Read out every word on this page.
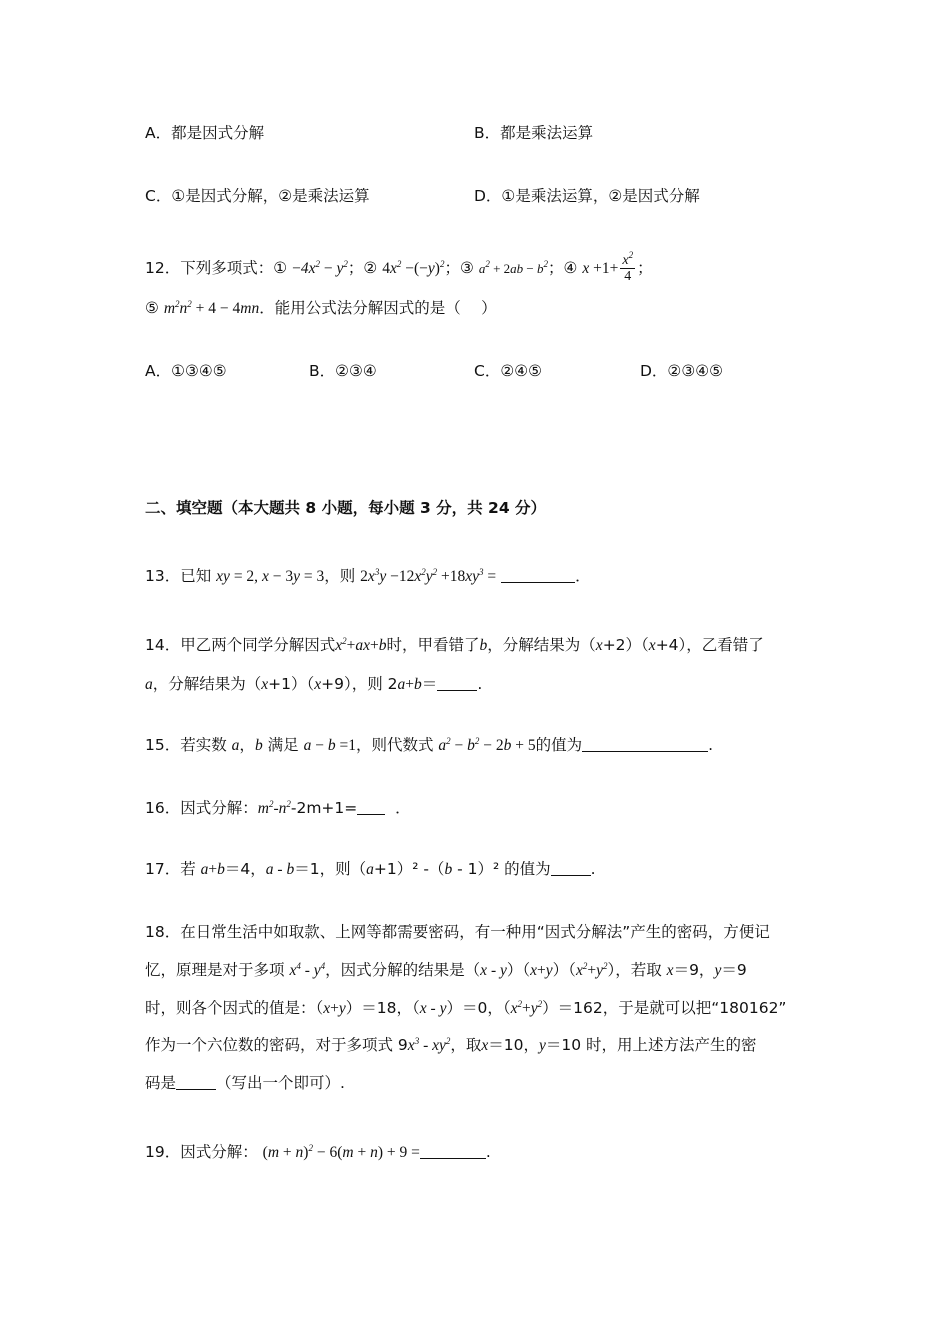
A．都是因式分解	B．都是乘法运算
C．①是因式分解，②是乘法运算	D．①是乘法运算，②是因式分解
12．下列多项式：① $-4x^2 - y^2$；② $4x^2 -(-y)^2$；③ $a^2 + 2ab - b^2$；④ $x +1+ \frac{x^2}{4}$ ；
⑤ $m^2n^2 + 4 - 4mn$．能用公式法分解因式的是（　 ）
A．①③④⑤	B．②③④	C．②④⑤	D．②③④⑤
二、填空题（本大题共 8 小题，每小题 3 分，共 24 分）
13．已知 xy = 2, x − 3y = 3，则 $2x^3y -12x^2y^2 +18xy^3$ =	．
14．甲乙两个同学分解因式$x^2+ax+b$时，甲看错了b，分解结果为（x+2）（x+4），乙看错了
a，分解结果为（x+1）（x+9），则 2a+b＝	.
15．若实数 a，b 满足 a − b =1，则代数式 $a^2 - b^2 - 2b + 5$的值为	.
16．因式分解：$m^2-n^2-2m+1=$ ．
17．若 a+b＝4，a - b＝1，则（a+1）² -（b - 1）² 的值为	.
18．在日常生活中如取款、上网等都需要密码，有一种用“因式分解法”产生的密码，方便记
忆，原理是对于多项 $x^4 - y^4$，因式分解的结果是$(x - y)(x+y)(x^2+y^2)$，若取 x＝9，y＝9
时，则各个因式的值是：（x+y）＝18，（x - y）＝0，$(x^2+y^2)=162$，于是就可以把“180162”
作为一个六位数的密码，对于多项式 $9x^3 - xy^2$，取x＝10，y＝10 时，用上述方法产生的密
码是	（写出一个即可）.
19．因式分解： $(m + n)^2 - 6(m + n) + 9$ =	.
